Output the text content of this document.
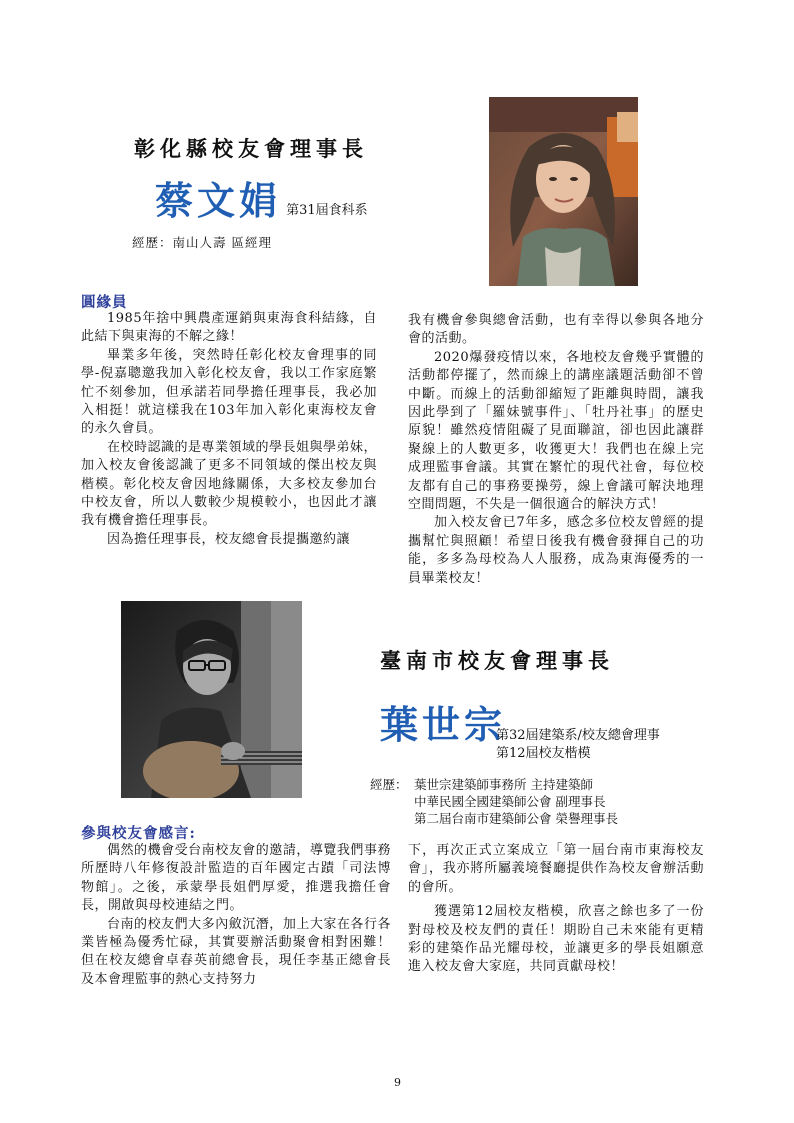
彰化縣校友會理事長
蔡文娟 第31屆食科系
經歷：南山人壽 區經理
圓緣員

1985年捨中興農產運銷與東海食科結緣，自此結下與東海的不解之緣！

畢業多年後，突然時任彰化校友會理事的同學-倪嘉聰邀我加入彰化校友會，我以工作家庭繁忙不刻參加，但承諾若同學擔任理事長，我必加入相挺！就這樣我在103年加入彰化東海校友會的永久會員。

在校時認識的是專業領域的學長姐與學弟妹，加入校友會後認識了更多不同領域的傑出校友與楷模。彰化校友會因地緣關係，大多校友參加台中校友會，所以人數較少規模較小，也因此才讓我有機會擔任理事長。

因為擔任理事長，校友總會長提攜邀約讓

我有機會參與總會活動，也有幸得以參與各地分會的活動。

2020爆發疫情以來，各地校友會幾乎實體的活動都停擺了，然而線上的講座議題活動卻不曾中斷。而線上的活動卻縮短了距離與時間，讓我因此學到了「羅妹號事件」、「牡丹社事」的歷史原貌！雖然疫情阻礙了見面聯誼，卻也因此讓群聚線上的人數更多，收獲更大！我們也在線上完成理監事會議。其實在繁忙的現代社會，每位校友都有自己的事務要操勞，線上會議可解決地理空間問題，不失是一個很適合的解決方式！

加入校友會已7年多，感念多位校友曾經的提攜幫忙與照顧！希望日後我有機會發揮自己的功能，多多為母校為人人服務，成為東海優秀的一員畢業校友！

臺南市校友會理事長
葉世宗
第32屆建築系/校友總會理事
第12屆校友楷模
經歷： 葉世宗建築師事務所 主持建築師
中華民國全國建築師公會 副理事長
第二屆台南市建築師公會 榮譽理事長
參與校友會感言:

偶然的機會受台南校友會的邀請，導覽我們事務所歷時八年修復設計監造的百年國定古蹟「司法博物館」。之後，承蒙學長姐們厚愛，推選我擔任會長，開啟與母校連結之門。

台南的校友們大多內斂沉潛，加上大家在各行各業皆極為優秀忙碌，其實要辦活動聚會相對困難！但在校友總會卓春英前總會長，現任李基正總會長及本會理監事的熱心支持努力

下，再次正式立案成立「第一屆台南市東海校友會」，我亦將所屬義境餐廳提供作為校友會辦活動的會所。

獲選第12屆校友楷模，欣喜之餘也多了一份對母校及校友們的責任！期盼自己未來能有更精彩的建築作品光耀母校，並讓更多的學長姐願意進入校友會大家庭，共同貢獻母校！

9
